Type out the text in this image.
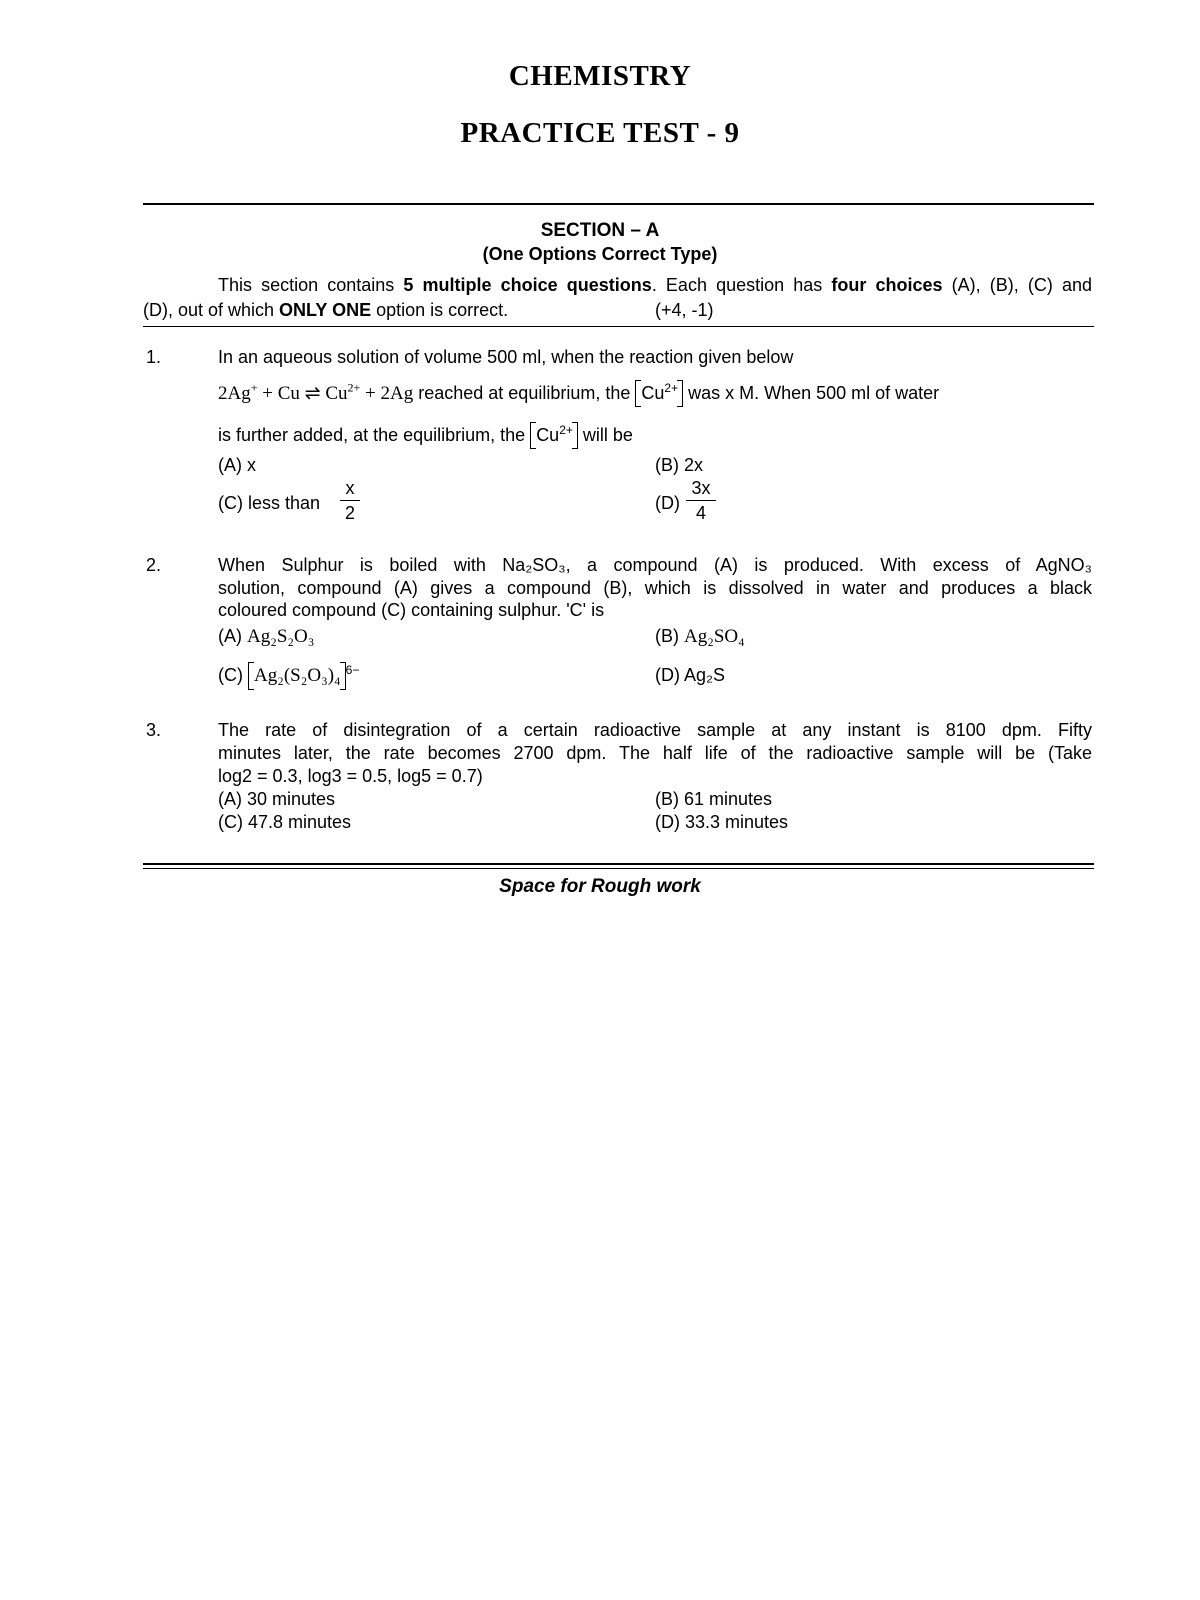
CHEMISTRY
PRACTICE TEST - 9
SECTION – A
(One Options Correct Type)
This section contains 5 multiple choice questions. Each question has four choices (A), (B), (C) and
(D), out of which ONLY ONE option is correct.	(+4, -1)
1.	In an aqueous solution of volume 500 ml, when the reaction given below
2Ag+ + Cu ⇌ $Cu^{2+} + 2Ag$ reached at equilibrium, the
$Cu^{2+}$
was x M. When 500 ml of water
is further added, at the equilibrium, the
$Cu^{2+}$
will be
(A) x	(B) 2x
(C) less than $\frac{x}{2}$	$(D) \frac{3x}{4}$
2.	When Sulphur is boiled with Na₂SO₃, a compound (A) is produced. With excess of AgNO₃
solution, compound (A) gives a compound (B), which is dissolved in water and produces a black
coloured compound (C) containing sulphur. 'C' is
(A) Ag₂S₂O₃	(B) Ag₂SO₄
(C)
Ag₂(S₂O₃)₄ $^{6-}$	(D) Ag₂S
3.	The rate of disintegration of a certain radioactive sample at any instant is 8100 dpm. Fifty
minutes later, the rate becomes 2700 dpm. The half life of the radioactive sample will be (Take
log2 = 0.3, log3 = 0.5, log5 = 0.7)
(A) 30 minutes	(B) 61 minutes
(C) 47.8 minutes	(D) 33.3 minutes
Space for Rough work
